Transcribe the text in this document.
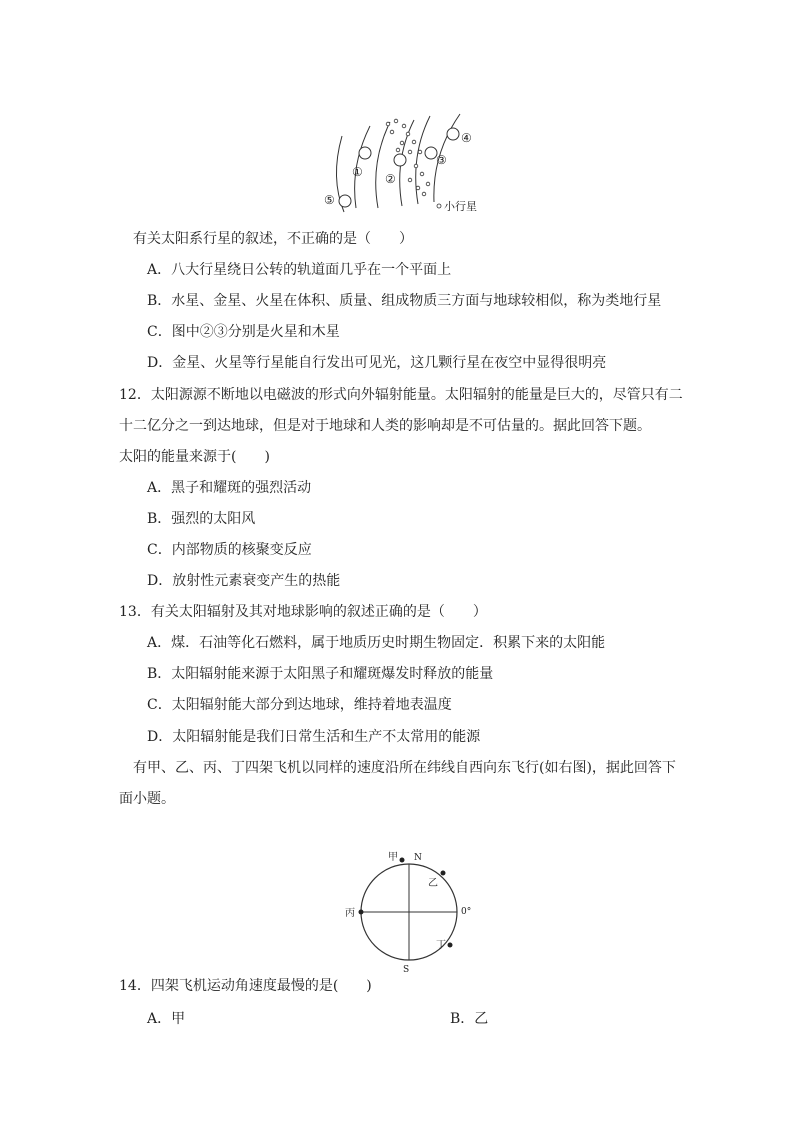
① ②
③
④
⑤	小行星
有关太阳系行星的叙述，不正确的是（　　）
A．八大行星绕日公转的轨道面几乎在一个平面上
B．水星、金星、火星在体积、质量、组成物质三方面与地球较相似，称为类地行星
C．图中②③分别是火星和木星
D．金星、火星等行星能自行发出可见光，这几颗行星在夜空中显得很明亮
12．太阳源源不断地以电磁波的形式向外辐射能量。太阳辐射的能量是巨大的，尽管只有二
十二亿分之一到达地球，但是对于地球和人类的影响却是不可估量的。据此回答下题。
太阳的能量来源于(　　)
A．黑子和耀斑的强烈活动
B．强烈的太阳风
C．内部物质的核聚变反应
D．放射性元素衰变产生的热能
13．有关太阳辐射及其对地球影响的叙述正确的是（　　）
A．煤．石油等化石燃料，属于地质历史时期生物固定．积累下来的太阳能
B．太阳辐射能来源于太阳黑子和耀斑爆发时释放的能量
C．太阳辐射能大部分到达地球，维持着地表温度
D．太阳辐射能是我们日常生活和生产不太常用的能源
有甲、乙、丙、丁四架飞机以同样的速度沿所在纬线自西向东飞行(如右图)，据此回答下
面小题。
甲 N
乙
丙	0°
丁
S
14．四架飞机运动角速度最慢的是(　　)
A．甲	B．乙
